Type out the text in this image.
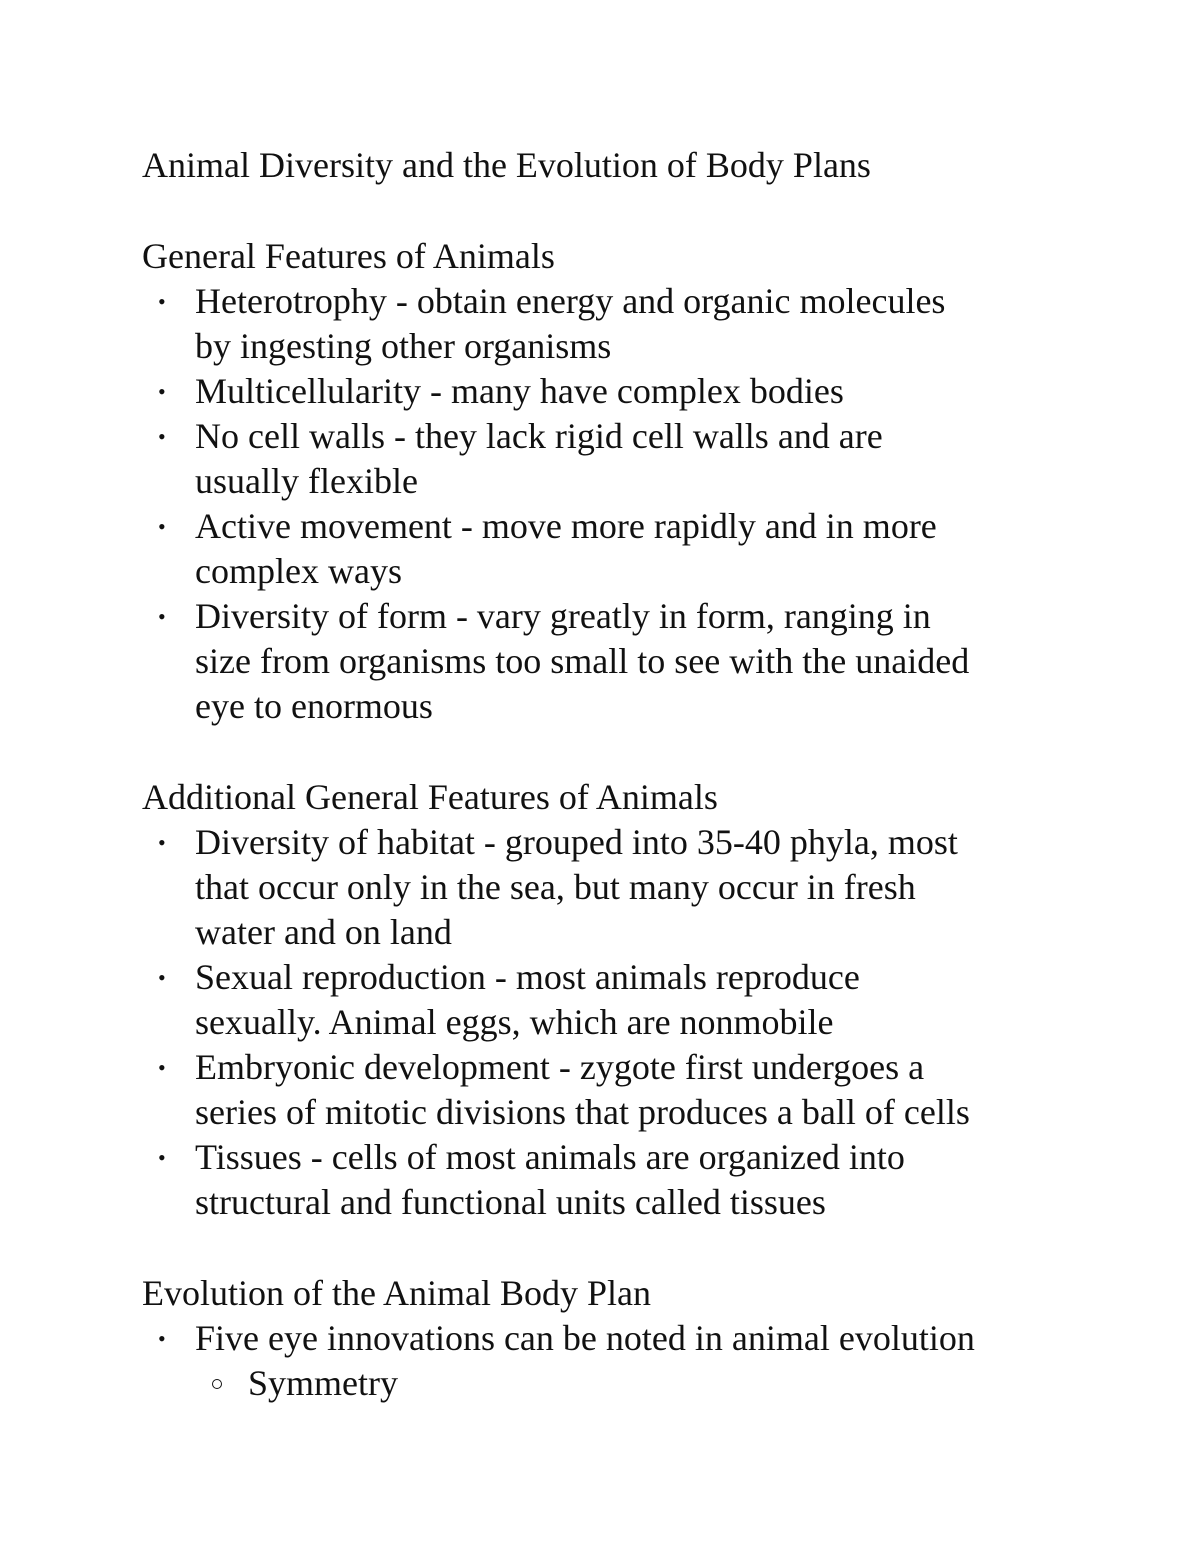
Animal Diversity and the Evolution of Body Plans

General Features of Animals

• Heterotrophy - obtain energy and organic molecules

by ingesting other organisms

• Multicellularity - many have complex bodies

• No cell walls - they lack rigid cell walls and are

usually flexible

• Active movement - move more rapidly and in more

complex ways

• Diversity of form - vary greatly in form, ranging in

size from organisms too small to see with the unaided

eye to enormous

Additional General Features of Animals

• Diversity of habitat - grouped into 35-40 phyla, most

that occur only in the sea, but many occur in fresh

water and on land

• Sexual reproduction - most animals reproduce

sexually. Animal eggs, which are nonmobile

• Embryonic development - zygote first undergoes a

series of mitotic divisions that produces a ball of cells

• Tissues - cells of most animals are organized into

structural and functional units called tissues

Evolution of the Animal Body Plan

• Five eye innovations can be noted in animal evolution

Symmetry
